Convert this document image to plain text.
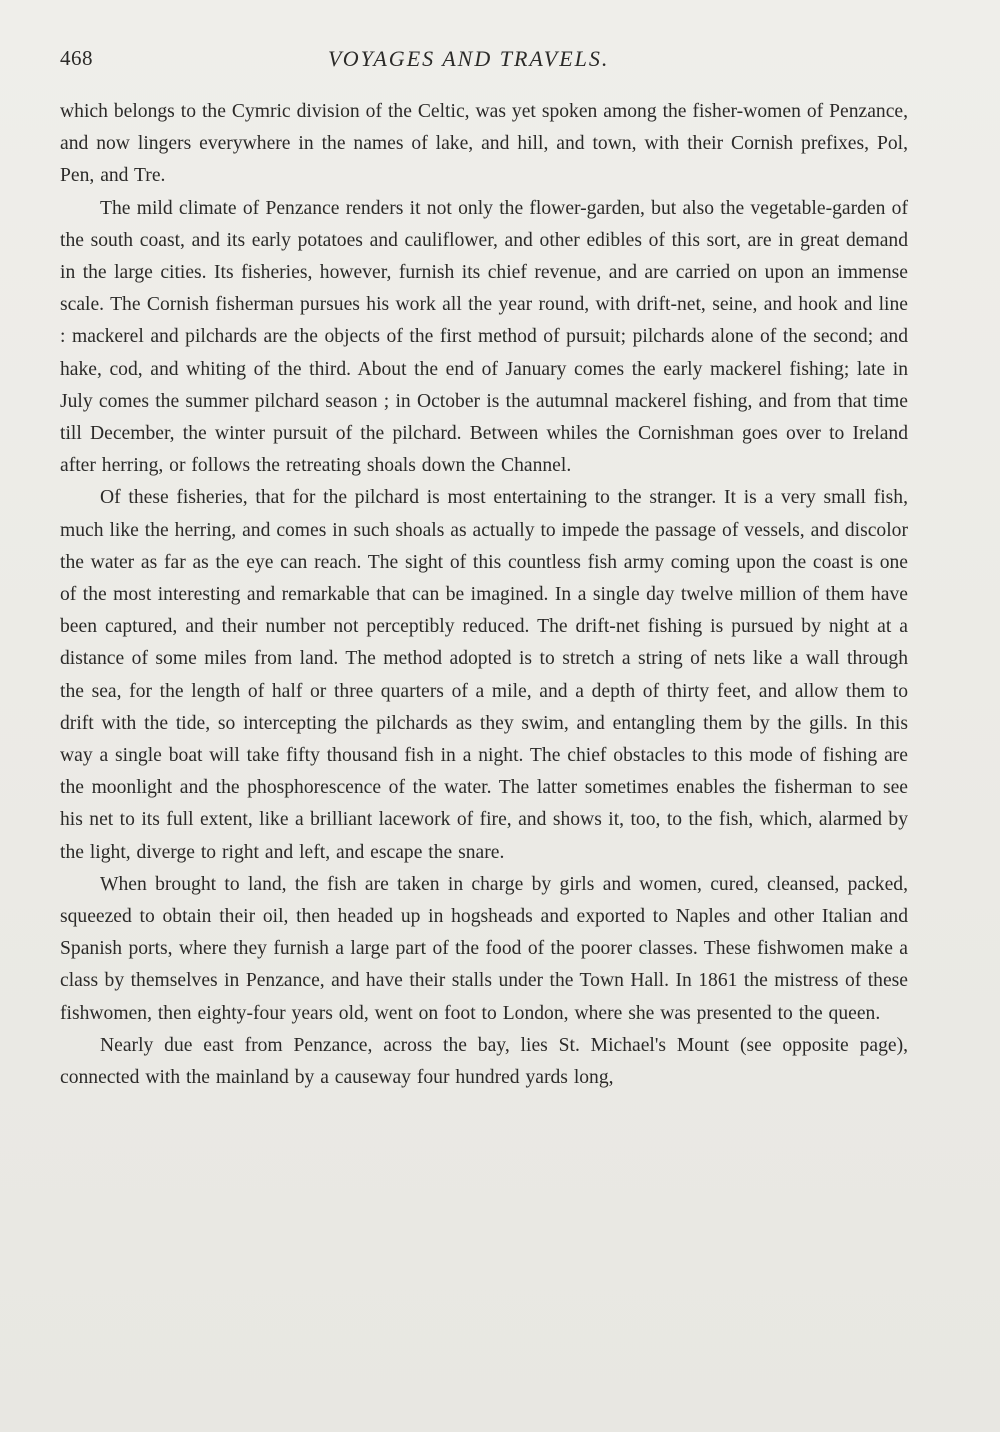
468	VOYAGES AND TRAVELS.

which belongs to the Cymric division of the Celtic, was yet spoken among the fisher-women of Penzance, and now lingers everywhere in the names of lake, and hill, and town, with their Cornish prefixes, Pol, Pen, and Tre.

The mild climate of Penzance renders it not only the flower-garden, but also the vegetable-garden of the south coast, and its early potatoes and cauliflower, and other edibles of this sort, are in great demand in the large cities. Its fisheries, however, furnish its chief revenue, and are carried on upon an immense scale. The Cornish fisherman pursues his work all the year round, with drift-net, seine, and hook and line : mackerel and pilchards are the objects of the first method of pursuit; pilchards alone of the second; and hake, cod, and whiting of the third. About the end of January comes the early mackerel fishing; late in July comes the summer pilchard season ; in October is the autumnal mackerel fishing, and from that time till December, the winter pursuit of the pilchard. Between whiles the Cornishman goes over to Ireland after herring, or follows the retreating shoals down the Channel.

Of these fisheries, that for the pilchard is most entertaining to the stranger. It is a very small fish, much like the herring, and comes in such shoals as actually to impede the passage of vessels, and discolor the water as far as the eye can reach. The sight of this countless fish army coming upon the coast is one of the most interesting and remarkable that can be imagined. In a single day twelve million of them have been captured, and their number not perceptibly reduced. The drift-net fishing is pursued by night at a distance of some miles from land. The method adopted is to stretch a string of nets like a wall through the sea, for the length of half or three quarters of a mile, and a depth of thirty feet, and allow them to drift with the tide, so intercepting the pilchards as they swim, and entangling them by the gills. In this way a single boat will take fifty thousand fish in a night. The chief obstacles to this mode of fishing are the moonlight and the phosphorescence of the water. The latter sometimes enables the fisherman to see his net to its full extent, like a brilliant lacework of fire, and shows it, too, to the fish, which, alarmed by the light, diverge to right and left, and escape the snare.

When brought to land, the fish are taken in charge by girls and women, cured, cleansed, packed, squeezed to obtain their oil, then headed up in hogsheads and exported to Naples and other Italian and Spanish ports, where they furnish a large part of the food of the poorer classes. These fishwomen make a class by themselves in Penzance, and have their stalls under the Town Hall. In 1861 the mistress of these fishwomen, then eighty-four years old, went on foot to London, where she was presented to the queen.

Nearly due east from Penzance, across the bay, lies St. Michael's Mount (see opposite page), connected with the mainland by a causeway four hundred yards long,
